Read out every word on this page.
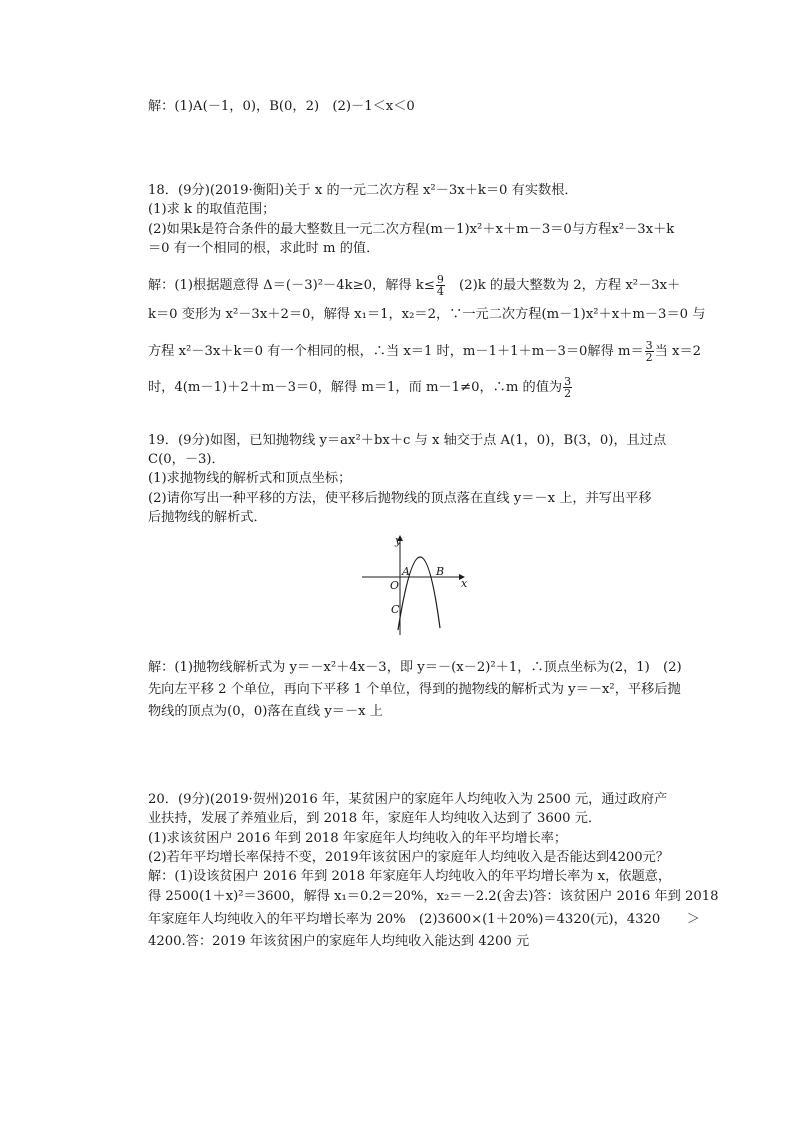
解：(1)A(－1，0)，B(0，2)　(2)－1＜x＜0
18．(9分)(2019·衡阳)关于 x 的一元二次方程 x²－3x＋k＝0 有实数根．
(1)求 k 的取值范围；
(2)如果k是符合条件的最大整数且一元二次方程(m－1)x²＋x＋m－3＝0与方程x²－3x＋k
＝0 有一个相同的根，求此时 m 的值．
解：(1)根据题意得 Δ＝(－3)²－4k≥0，解得 $k\le \frac{9}{4}$ 　(2)k 的最大整数为 2，方程 x²－3x＋
k＝0 变形为 x²－3x＋2＝0，解得 x₁＝1，x₂＝2，∵一元二次方程(m－1)x²＋x＋m－3＝0 与
方程 x²－3x＋k＝0 有一个相同的根，∴当 x＝1 时，m－1＋1＋m－3＝0解得 $m= \frac{3}{2}$ 当 x＝2
时，4(m－1)＋2＋m－3＝0，解得 m＝1，而 m－1≠0，∴m 的值为 $\frac{3}{2}$
19．(9分)如图，已知抛物线 y＝ax²＋bx＋c 与 x 轴交于点 A(1，0)，B(3，0)，且过点
C(0，－3)．
(1)求抛物线的解析式和顶点坐标；
(2)请你写出一种平移的方法，使平移后抛物线的顶点落在直线 y＝－x 上，并写出平移
后抛物线的解析式．
y
x
O
A B
C
解：(1)抛物线解析式为 y＝－x²＋4x－3，即 y＝－(x－2)²＋1，∴顶点坐标为(2，1)　(2)
先向左平移 2 个单位，再向下平移 1 个单位，得到的抛物线的解析式为 y＝－x²，平移后抛
物线的顶点为(0，0)落在直线 y＝－x 上
20．(9分)(2019·贺州)2016 年，某贫困户的家庭年人均纯收入为 2500 元，通过政府产
业扶持，发展了养殖业后，到 2018 年，家庭年人均纯收入达到了 3600 元．
(1)求该贫困户 2016 年到 2018 年家庭年人均纯收入的年平均增长率；
(2)若年平均增长率保持不变，2019年该贫困户的家庭年人均纯收入是否能达到4200元？
解：(1)设该贫困户 2016 年到 2018 年家庭年人均纯收入的年平均增长率为 x，依题意，
得 2500(1＋x)²＝3600，解得 x₁＝0.2＝20%，x₂＝－2.2(舍去)答：该贫困户 2016 年到 2018
年家庭年人均纯收入的年平均增长率为 20%　(2)3600×(1＋20%)＝4320(元)，4320　　＞
4200.答：2019 年该贫困户的家庭年人均纯收入能达到 4200 元
